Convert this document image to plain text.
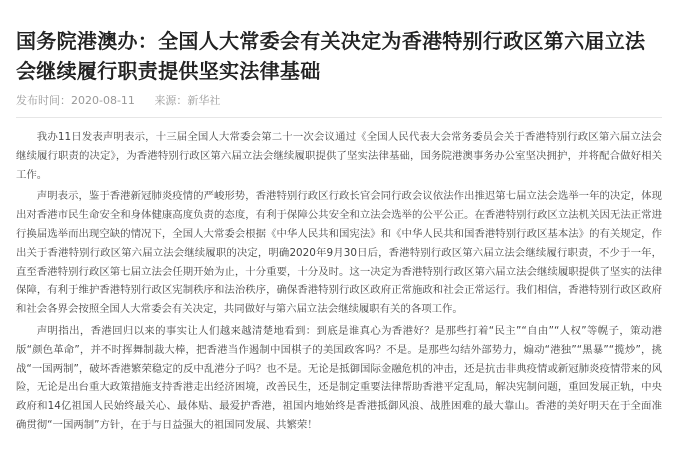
国务院港澳办：全国人大常委会有关决定为香港特别行政区第六届立法会继续履行职责提供坚实法律基础
发布时间：2020-08-11 来源：新华社

我办11日发表声明表示，十三届全国人大常委会第二十一次会议通过《全国人民代表大会常务委员会关于香港特别行政区第六届立法会继续履行职责的决定》，为香港特别行政区第六届立法会继续履职提供了坚实法律基础，国务院港澳事务办公室坚决拥护，并将配合做好相关工作。

声明表示，鉴于香港新冠肺炎疫情的严峻形势，香港特别行政区行政长官会同行政会议依法作出推迟第七届立法会选举一年的决定，体现出对香港市民生命安全和身体健康高度负责的态度，有利于保障公共安全和立法会选举的公平公正。在香港特别行政区立法机关因无法正常进行换届选举而出现空缺的情况下，全国人大常委会根据《中华人民共和国宪法》和《中华人民共和国香港特别行政区基本法》的有关规定，作出关于香港特别行政区第六届立法会继续履职的决定，明确2020年9月30日后，香港特别行政区第六届立法会继续履行职责，不少于一年，直至香港特别行政区第七届立法会任期开始为止，十分重要，十分及时。这一决定为香港特别行政区第六届立法会继续履职提供了坚实的法律保障，有利于维护香港特别行政区宪制秩序和法治秩序，确保香港特别行政区政府正常施政和社会正常运行。我们相信，香港特别行政区政府和社会各界会按照全国人大常委会有关决定，共同做好与第六届立法会继续履职有关的各项工作。

声明指出，香港回归以来的事实让人们越来越清楚地看到：到底是谁真心为香港好？是那些打着“民主”“自由”“人权”等幌子，策动港版“颜色革命”，并不时挥舞制裁大棒，把香港当作遏制中国棋子的美国政客吗？不是。是那些勾结外部势力，煽动“港独”“黑暴”“揽炒”，挑战“一国两制”，破坏香港繁荣稳定的反中乱港分子吗？也不是。无论是抵御国际金融危机的冲击，还是抗击非典疫情或新冠肺炎疫情带来的风险，无论是出台重大政策措施支持香港走出经济困境，改善民生，还是制定重要法律帮助香港平定乱局，解决宪制问题，重回发展正轨，中央政府和14亿祖国人民始终最关心、最体贴、最爱护香港，祖国内地始终是香港抵御风浪、战胜困难的最大靠山。香港的美好明天在于全面准确贯彻“一国两制”方针，在于与日益强大的祖国同发展、共繁荣！
